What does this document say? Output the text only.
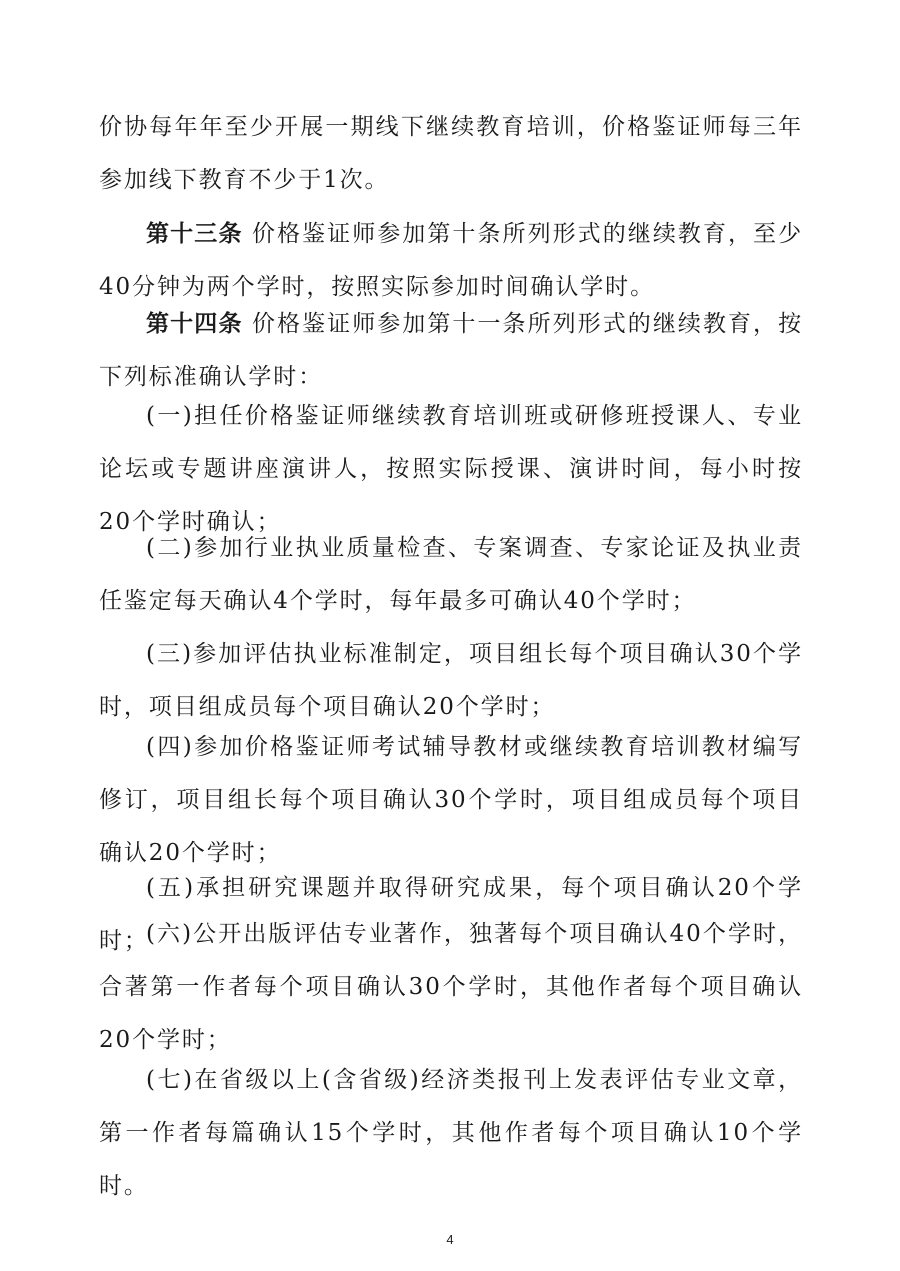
价协每年年至少开展一期线下继续教育培训，价格鉴证师每三年参加线下教育不少于1次。

第十三条 价格鉴证师参加第十条所列形式的继续教育，至少40分钟为两个学时，按照实际参加时间确认学时。

第十四条 价格鉴证师参加第十一条所列形式的继续教育，按下列标准确认学时：

(一)担任价格鉴证师继续教育培训班或研修班授课人、专业论坛或专题讲座演讲人，按照实际授课、演讲时间，每小时按20个学时确认；

(二)参加行业执业质量检查、专案调查、专家论证及执业责任鉴定每天确认4个学时，每年最多可确认40个学时；

(三)参加评估执业标准制定，项目组长每个项目确认30个学时，项目组成员每个项目确认20个学时；

(四)参加价格鉴证师考试辅导教材或继续教育培训教材编写修订，项目组长每个项目确认30个学时，项目组成员每个项目确认20个学时；

(五)承担研究课题并取得研究成果，每个项目确认20个学时；

(六)公开出版评估专业著作，独著每个项目确认40个学时，合著第一作者每个项目确认30个学时，其他作者每个项目确认20个学时；

(七)在省级以上(含省级)经济类报刊上发表评估专业文章，第一作者每篇确认15个学时，其他作者每个项目确认10个学时。

4
